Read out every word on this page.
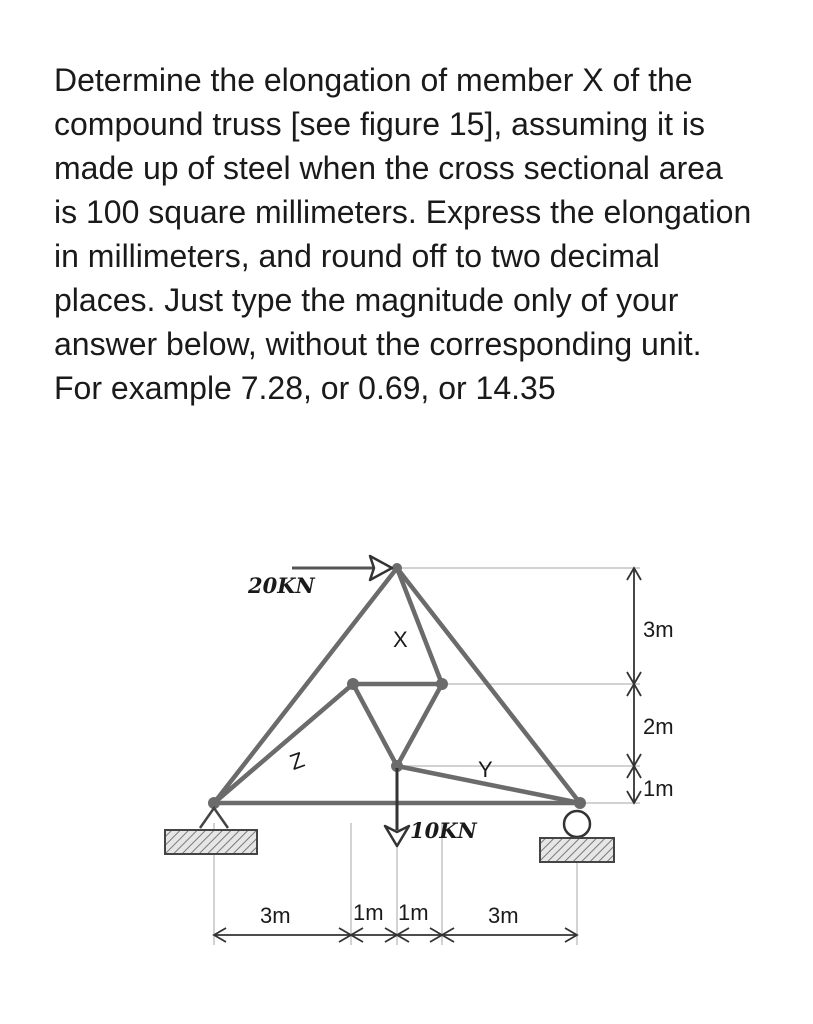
Determine the elongation of member X of the compound truss [see figure 15], assuming it is made up of steel when the cross sectional area is 100 square millimeters. Express the elongation in millimeters, and round off to two decimal places. Just type the magnitude only of your answer below, without the corresponding unit. For example 7.28, or 0.69, or 14.35

20KN
10KN
X
Y
Z
3m
2m
1m
3m	1m 1m	3m
